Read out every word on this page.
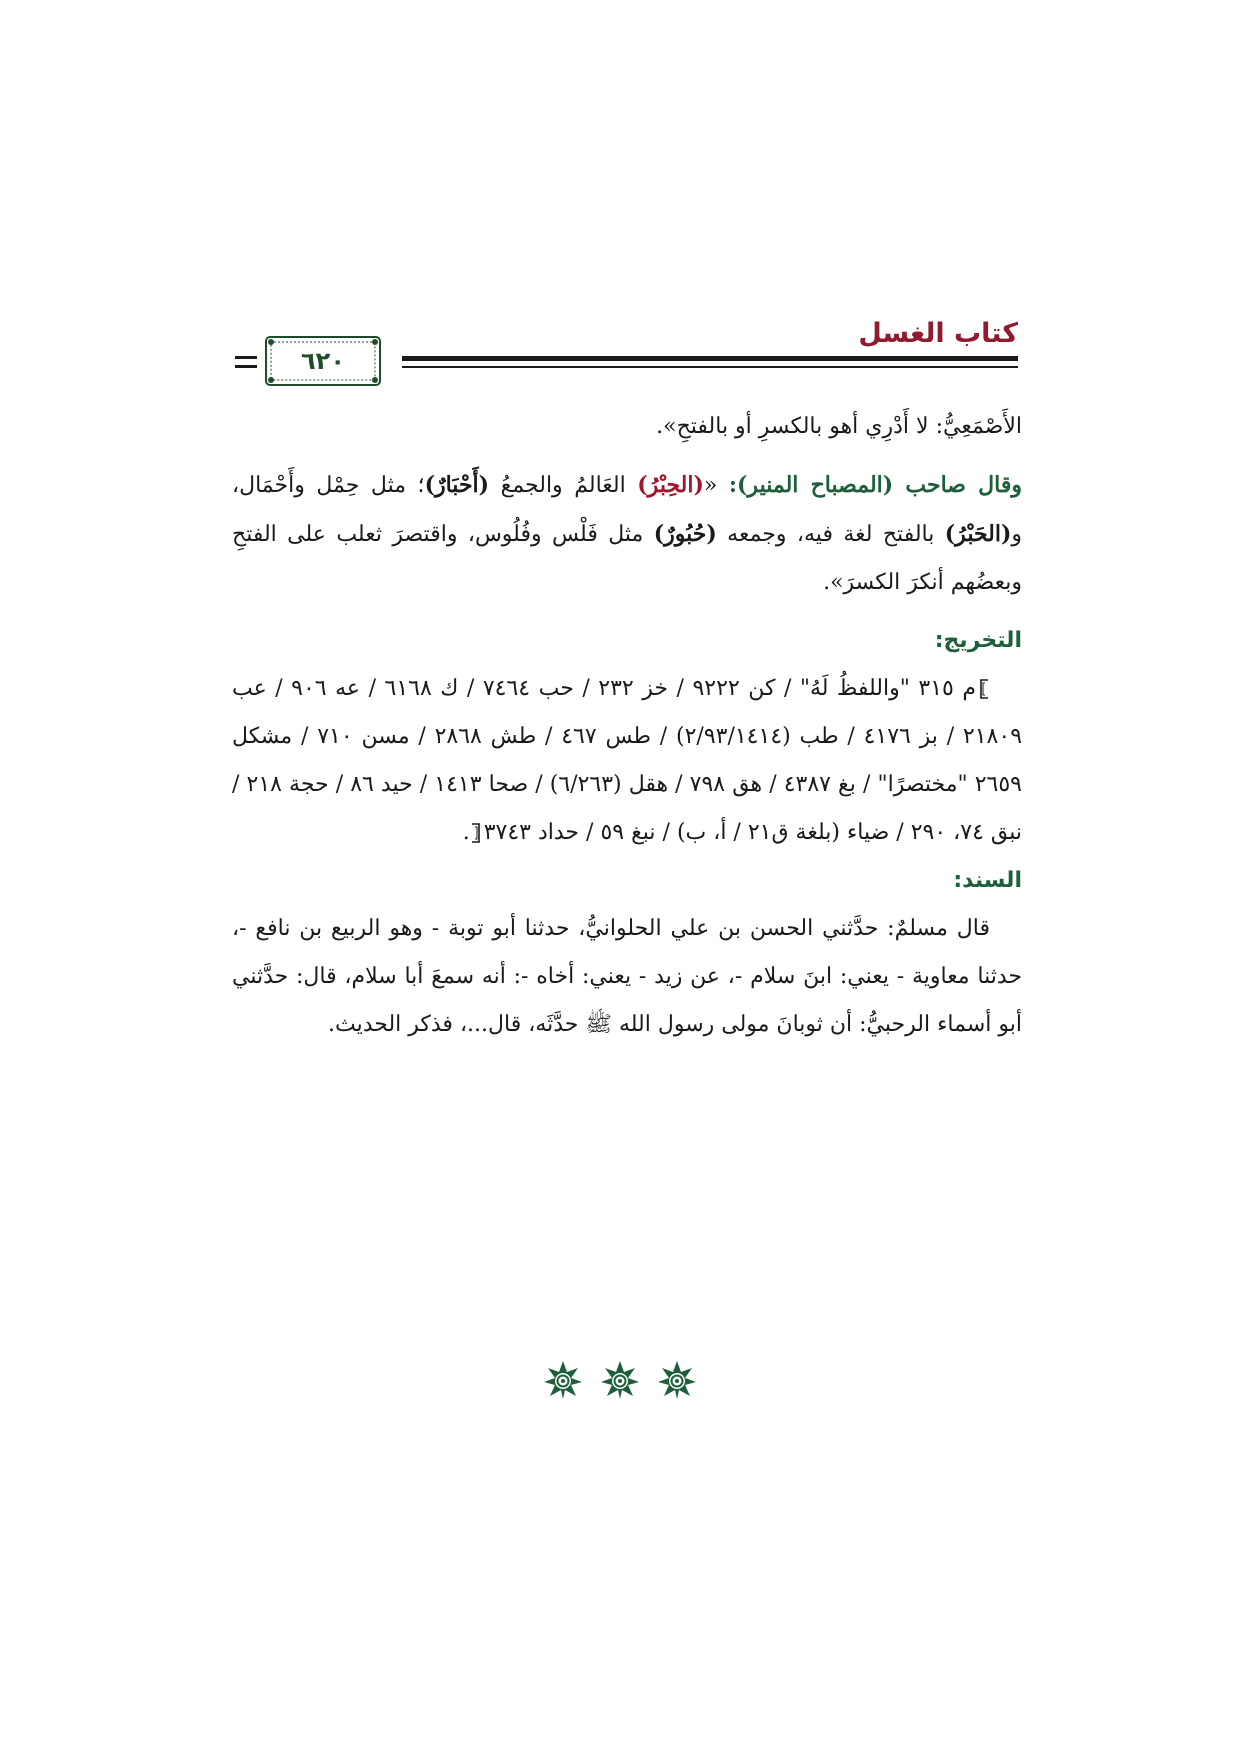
كتاب الغسل
٦٢٠

الأَصْمَعِيُّ: لا أَدْرِي أهو بالكسرِ أو بالفتحِ».

وقال صاحب (المصباح المنير): «(الحِبْرُ) العَالمُ والجمعُ (أَحْبَارٌ)؛ مثل حِمْل وأَحْمَال، و(الحَبْرُ) بالفتح لغة فيه، وجمعه (حُبُورٌ) مثل فَلْس وفُلُوس، واقتصرَ ثعلب على الفتحِ وبعضُهم أنكرَ الكسرَ».

التخريج:

م ٣١٥ "واللفظُ لَهُ" / كن ٩٢٢٢ / خز ٢٣٢ / حب ٧٤٦٤ / ك ٦١٦٨ / عه ٩٠٦ / عب ٢١٨٠٩ / بز ٤١٧٦ / طب (٢/٩٣/١٤١٤) / طس ٤٦٧ / طش ٢٨٦٨ / مسن ٧١٠ / مشكل ٢٦٥٩ "مختصرًا" / بغ ٤٣٨٧ / هق ٧٩٨ / هقل (٦/٢٦٣) / صحا ١٤١٣ / حيد ٨٦ / حجة ٢١٨ / نبق ٧٤، ٢٩٠ / ضياء (بلغة ق٢١ / أ، ب) / نبغ ٥٩ / حداد ٣٧٤٣.

السند:

قال مسلمٌ: حدَّثني الحسن بن علي الحلوانيُّ، حدثنا أبو توبة - وهو الربيع بن نافع -، حدثنا معاوية - يعني: ابنَ سلام -، عن زيد - يعني: أخاه -: أنه سمعَ أبا سلام، قال: حدَّثني أبو أسماء الرحبيُّ: أن ثوبانَ مولى رسول الله ﷺ حدَّثَه، قال...، فذكر الحديث.
